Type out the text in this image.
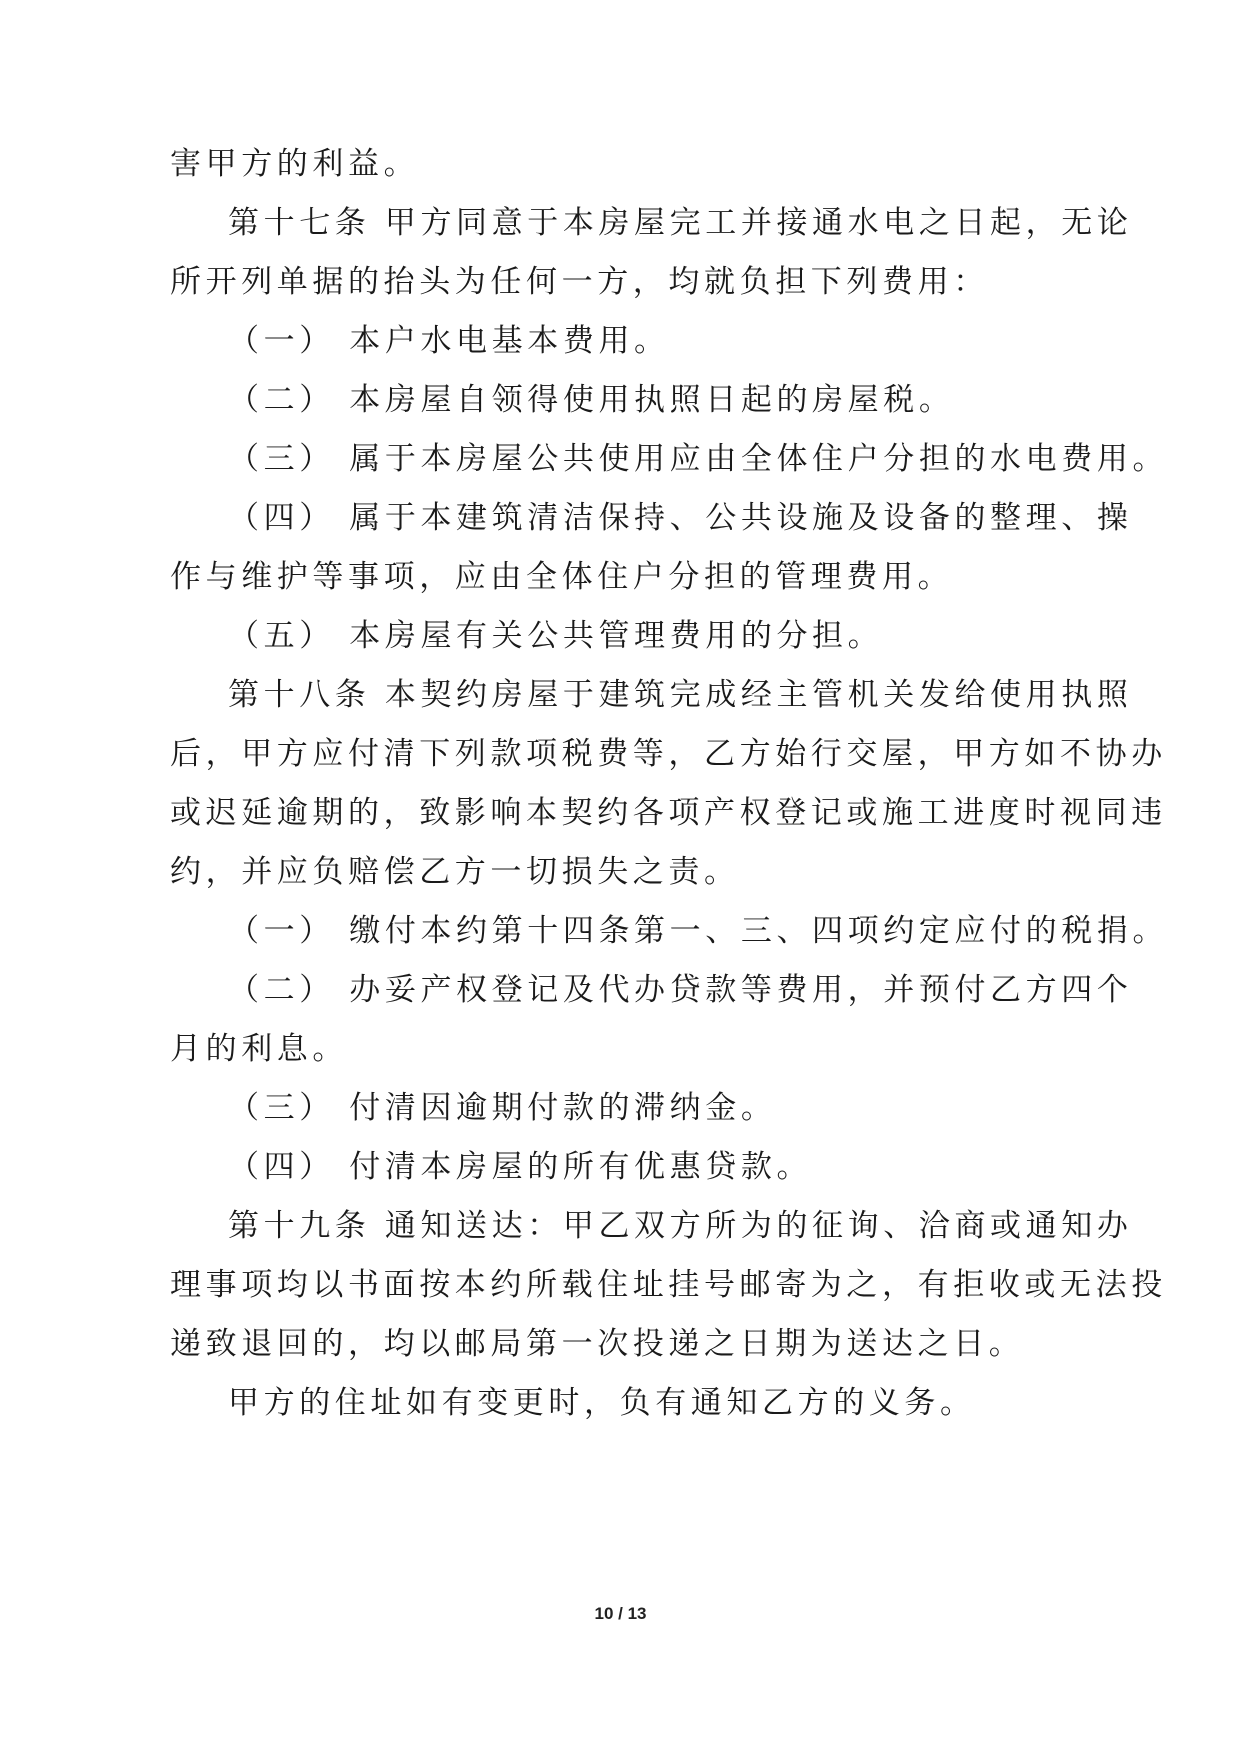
害甲方的利益。
第十七条 甲方同意于本房屋完工并接通水电之日起，无论
所开列单据的抬头为任何一方，均就负担下列费用：
（一） 本户水电基本费用。
（二） 本房屋自领得使用执照日起的房屋税。
（三） 属于本房屋公共使用应由全体住户分担的水电费用。
（四） 属于本建筑清洁保持、公共设施及设备的整理、操
作与维护等事项，应由全体住户分担的管理费用。
（五） 本房屋有关公共管理费用的分担。
第十八条 本契约房屋于建筑完成经主管机关发给使用执照
后，甲方应付清下列款项税费等，乙方始行交屋，甲方如不协办
或迟延逾期的，致影响本契约各项产权登记或施工进度时视同违
约，并应负赔偿乙方一切损失之责。
（一） 缴付本约第十四条第一、三、四项约定应付的税捐。
（二） 办妥产权登记及代办贷款等费用，并预付乙方四个
月的利息。
（三） 付清因逾期付款的滞纳金。
（四） 付清本房屋的所有优惠贷款。
第十九条 通知送达：甲乙双方所为的征询、洽商或通知办
理事项均以书面按本约所载住址挂号邮寄为之，有拒收或无法投
递致退回的，均以邮局第一次投递之日期为送达之日。
甲方的住址如有变更时，负有通知乙方的义务。
10 / 13
